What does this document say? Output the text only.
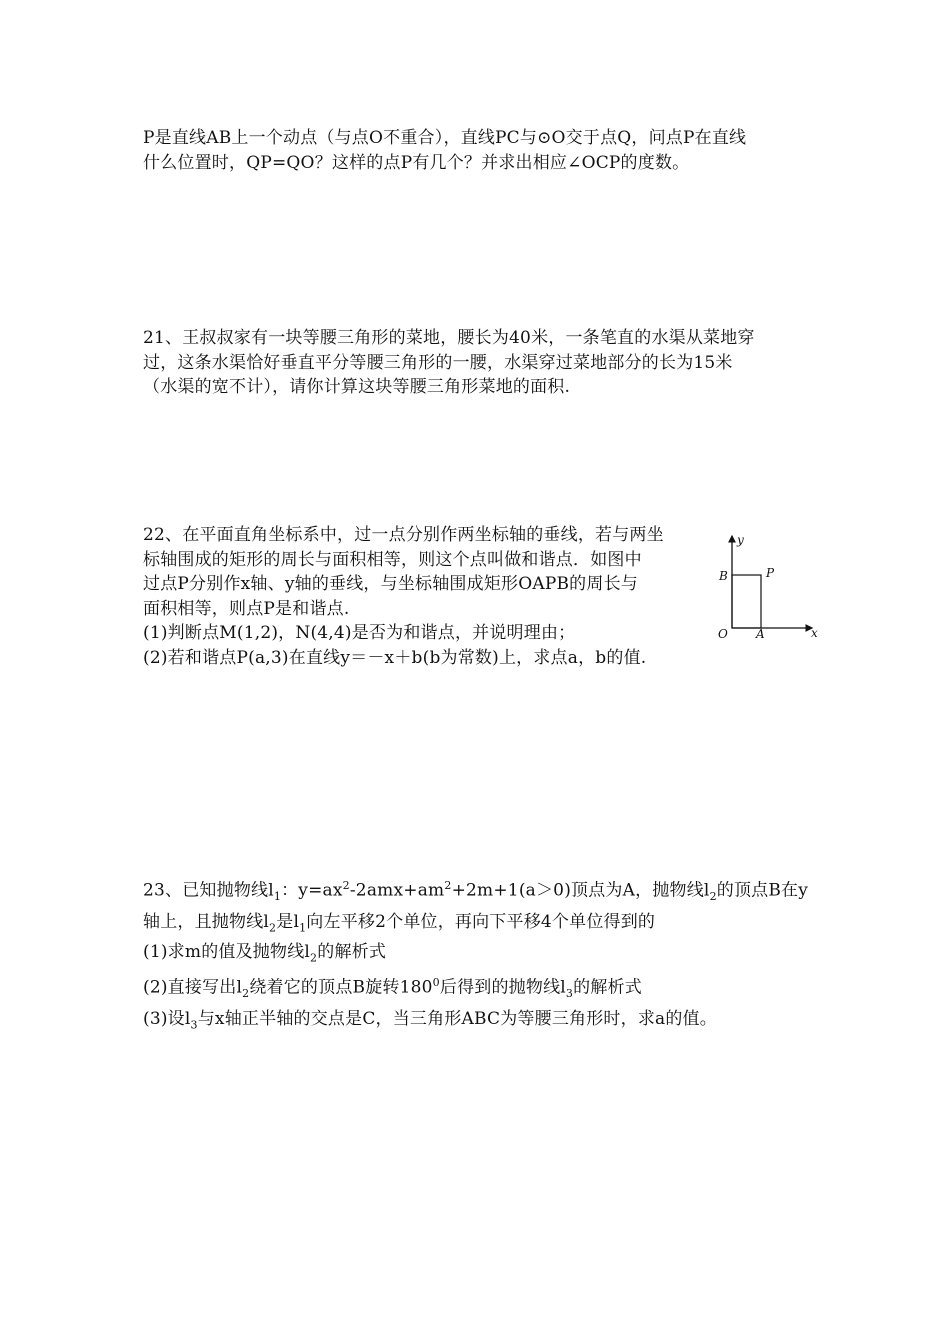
P是直线AB上一个动点（与点O不重合），直线PC与⊙O交于点Q，问点P在直线
什么位置时，QP=QO？这样的点P有几个？并求出相应∠OCP的度数。
21、王叔叔家有一块等腰三角形的菜地，腰长为40米，一条笔直的水渠从菜地穿
过，这条水渠恰好垂直平分等腰三角形的一腰，水渠穿过菜地部分的长为15米
（水渠的宽不计），请你计算这块等腰三角形菜地的面积.
22、在平面直角坐标系中，过一点分别作两坐标轴的垂线，若与两坐
标轴围成的矩形的周长与面积相等，则这个点叫做和谐点．如图中
过点P分别作x轴、y轴的垂线，与坐标轴围成矩形OAPB的周长与
面积相等，则点P是和谐点.
(1)判断点M(1,2)，N(4,4)是否为和谐点，并说明理由；
(2)若和谐点P(a,3)在直线y＝－x＋b(b为常数)上，求点a，b的值.
y
x
O A
B	P
23、已知抛物线$l_1$：$y=ax^2-2amx+am^2+2m+1(a>0)$顶点为A，抛物线$l_2$的顶点B在y
轴上，且抛物线$l_2$是$l_1$向左平移2个单位，再向下平移4个单位得到的
(1)求m的值及抛物线$l_2$的解析式
(2)直接写出$l_2$绕着它的顶点B旋转$180^0$后得到的抛物线$l_3$的解析式
(3)设$l_3$与x轴正半轴的交点是C，当三角形ABC为等腰三角形时，求a的值。
